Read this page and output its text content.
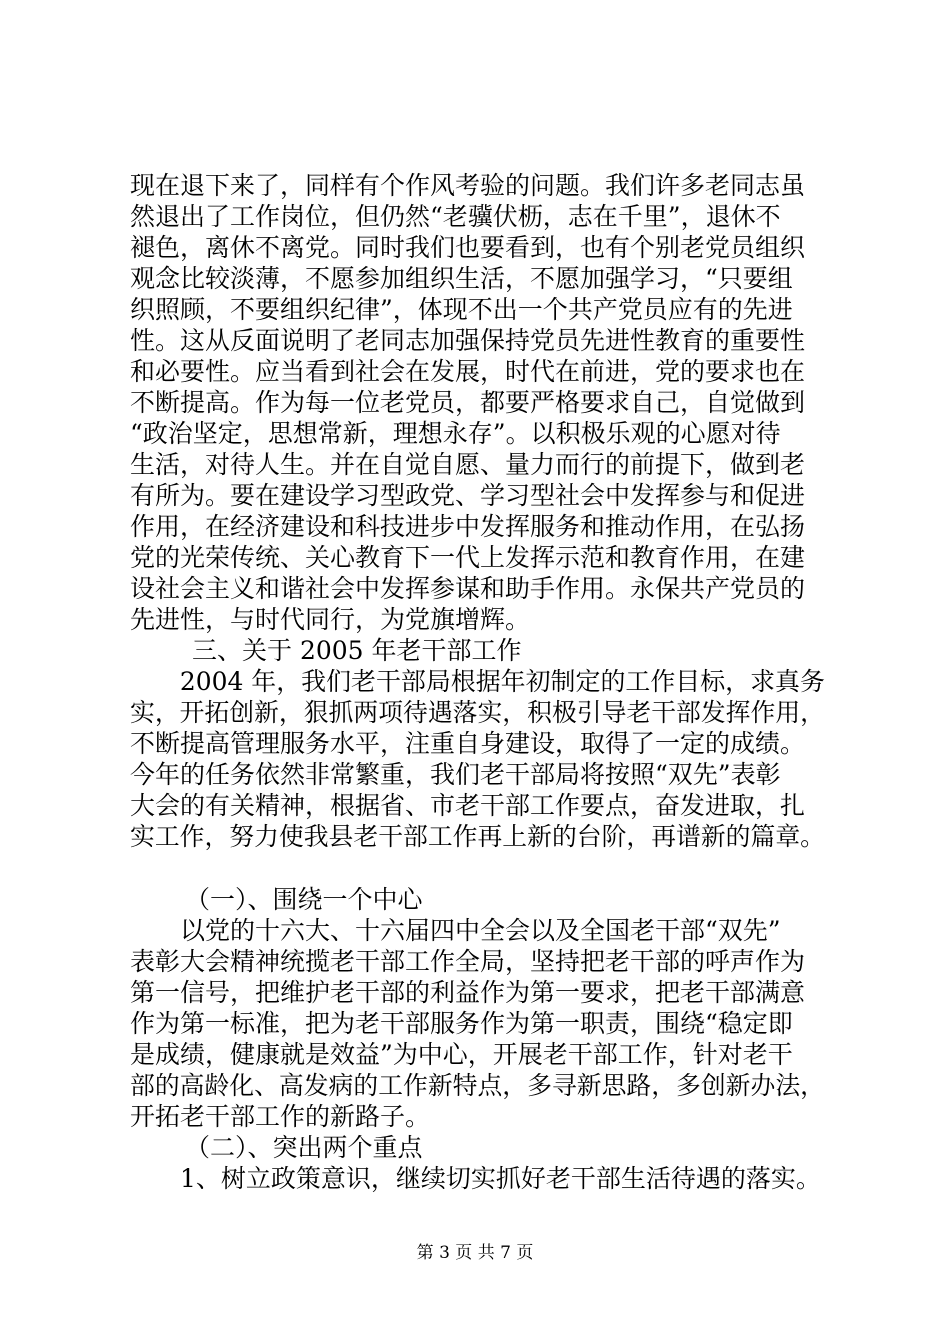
现在退下来了，同样有个作风考验的问题。我们许多老同志虽
然退出了工作岗位，但仍然“老骥伏枥，志在千里”，退休不
褪色，离休不离党。同时我们也要看到，也有个别老党员组织
观念比较淡薄，不愿参加组织生活，不愿加强学习，“只要组
织照顾，不要组织纪律”，体现不出一个共产党员应有的先进
性。这从反面说明了老同志加强保持党员先进性教育的重要性
和必要性。应当看到社会在发展，时代在前进，党的要求也在
不断提高。作为每一位老党员，都要严格要求自己，自觉做到
“政治坚定，思想常新，理想永存”。以积极乐观的心愿对待
生活，对待人生。并在自觉自愿、量力而行的前提下，做到老
有所为。要在建设学习型政党、学习型社会中发挥参与和促进
作用，在经济建设和科技进步中发挥服务和推动作用，在弘扬
党的光荣传统、关心教育下一代上发挥示范和教育作用，在建
设社会主义和谐社会中发挥参谋和助手作用。永保共产党员的
先进性，与时代同行，为党旗增辉。
三、关于 2005 年老干部工作
2004 年，我们老干部局根据年初制定的工作目标，求真务
实，开拓创新，狠抓两项待遇落实，积极引导老干部发挥作用，
不断提高管理服务水平，注重自身建设，取得了一定的成绩。
今年的任务依然非常繁重，我们老干部局将按照“双先”表彰
大会的有关精神，根据省、市老干部工作要点，奋发进取，扎
实工作，努力使我县老干部工作再上新的台阶，再谱新的篇章。
（一）、围绕一个中心
以党的十六大、十六届四中全会以及全国老干部“双先”
表彰大会精神统揽老干部工作全局，坚持把老干部的呼声作为
第一信号，把维护老干部的利益作为第一要求，把老干部满意
作为第一标准，把为老干部服务作为第一职责，围绕“稳定即
是成绩，健康就是效益”为中心，开展老干部工作，针对老干
部的高龄化、高发病的工作新特点，多寻新思路，多创新办法，
开拓老干部工作的新路子。
（二）、突出两个重点
1、树立政策意识，继续切实抓好老干部生活待遇的落实。
第 3 页 共 7 页
